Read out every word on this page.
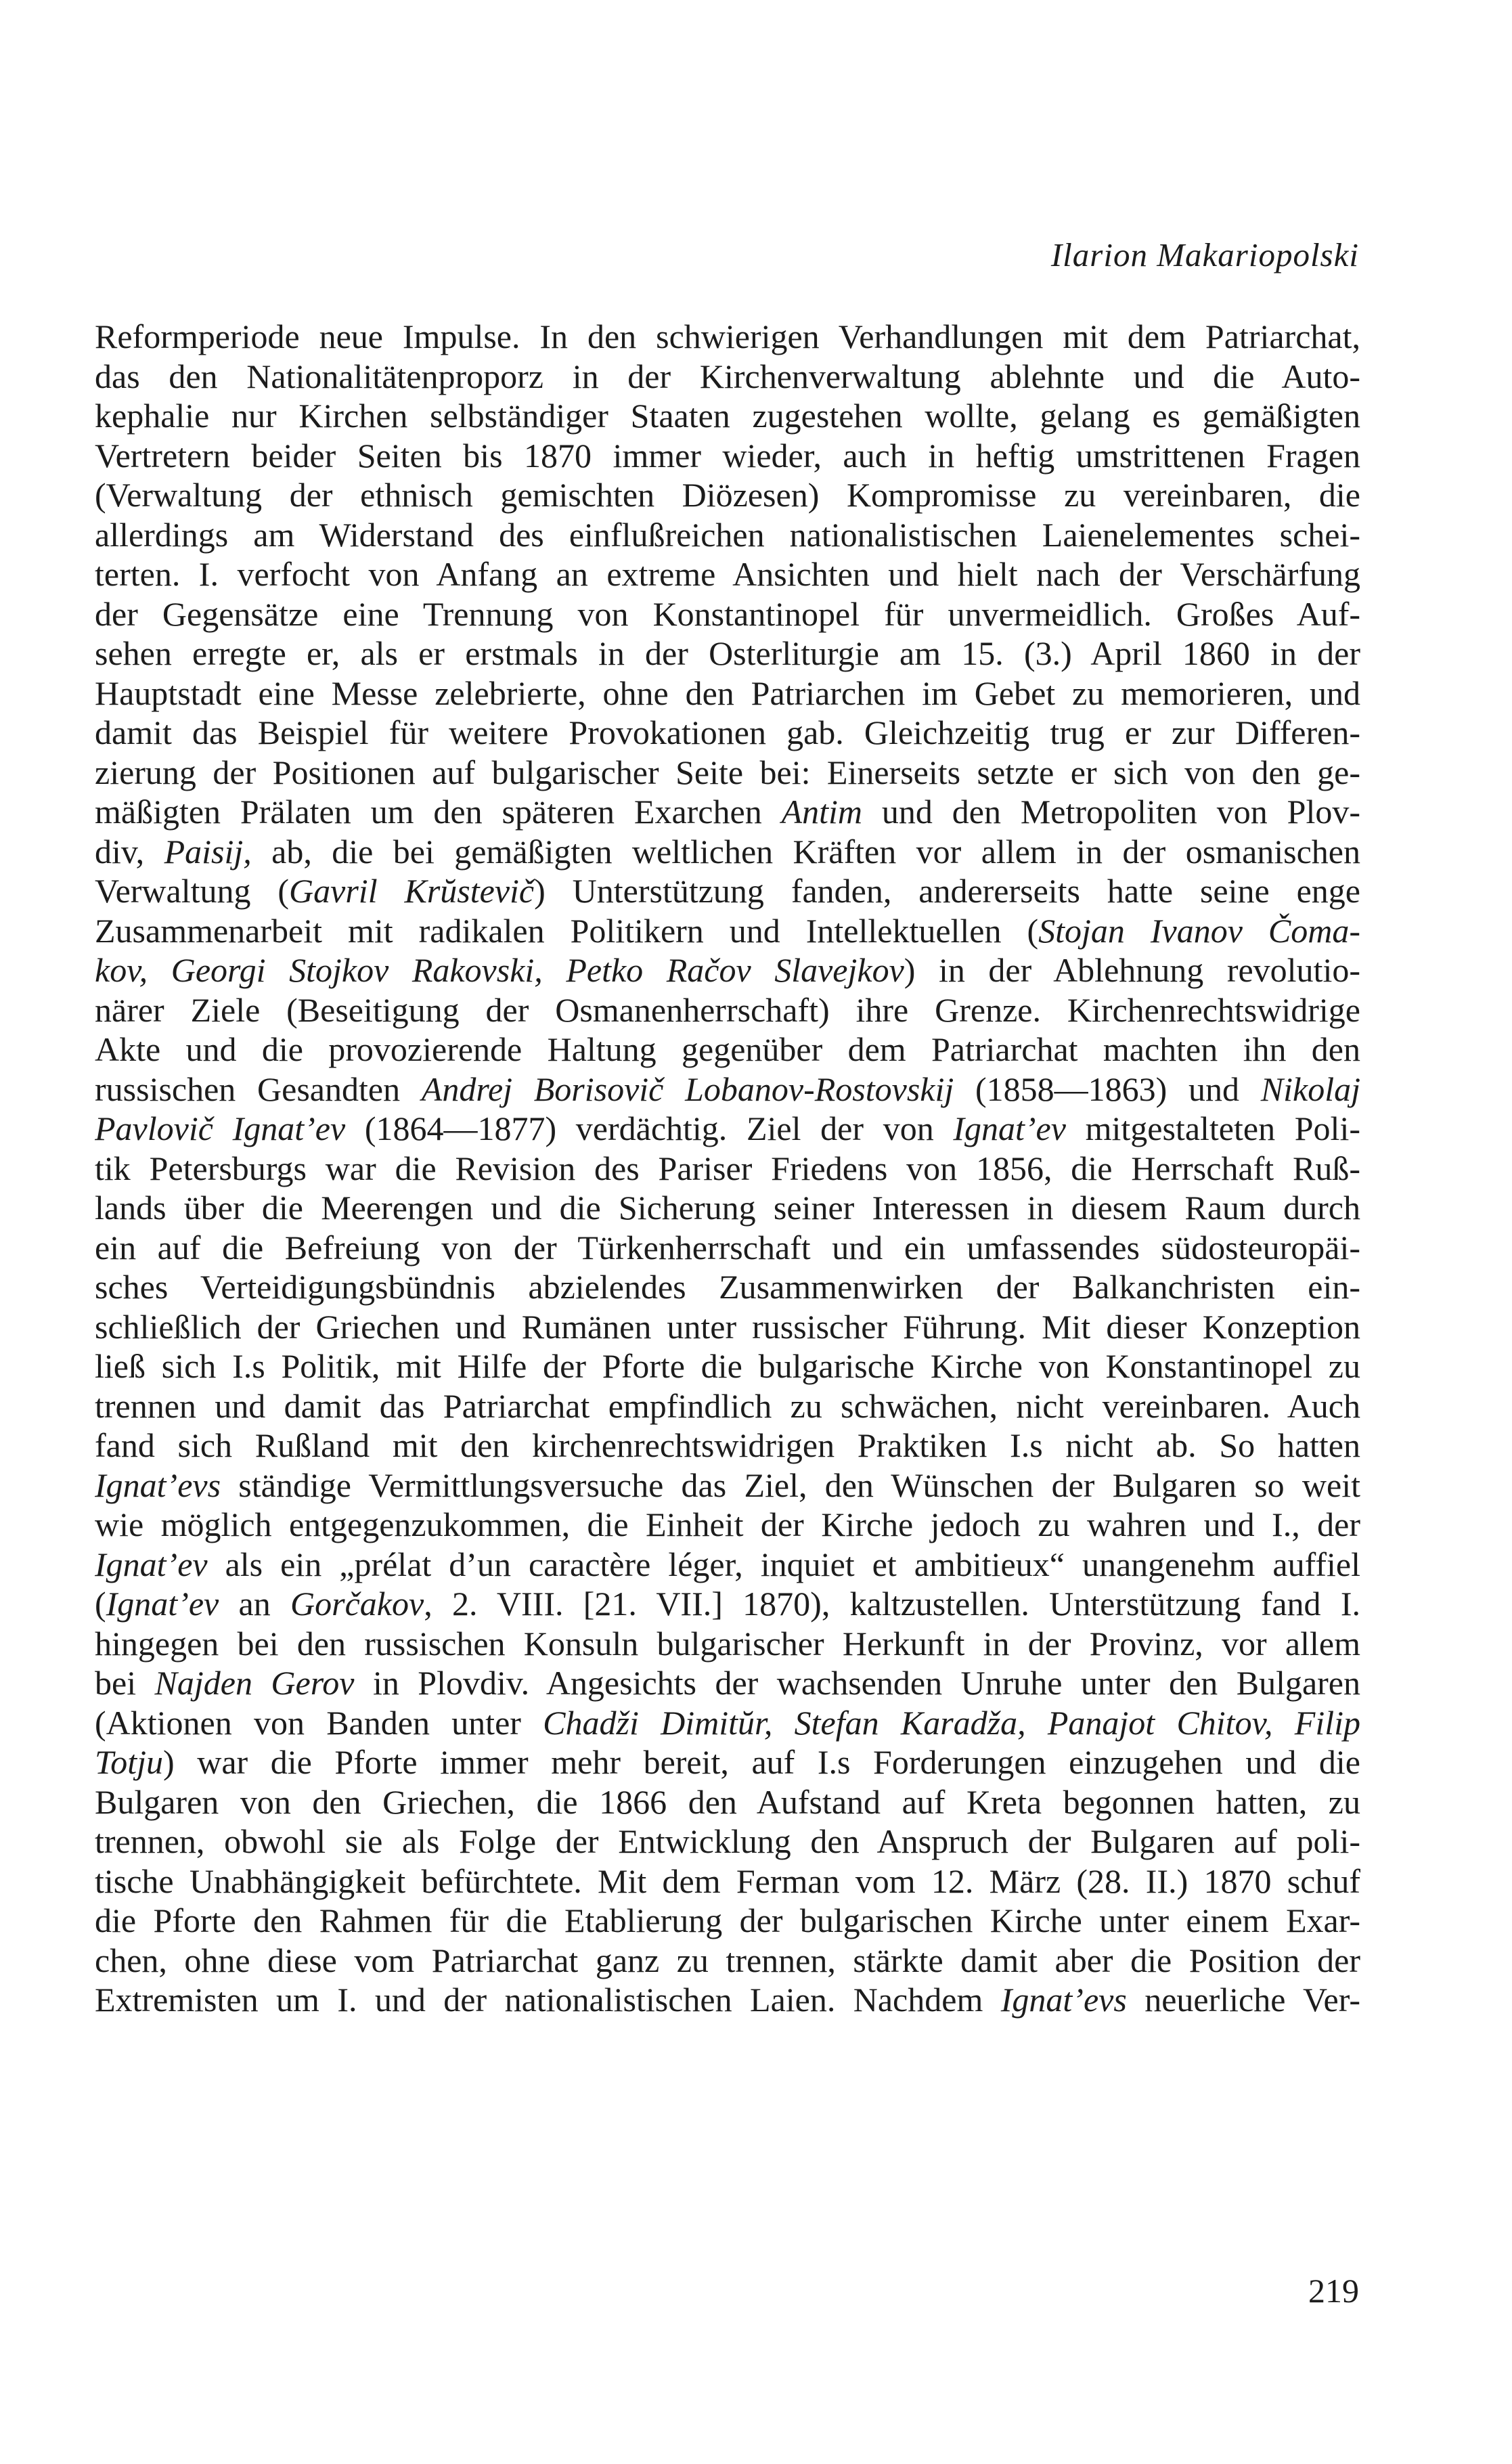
Ilarion Makariopolski

Reformperiode neue Impulse. In den schwierigen Verhandlungen mit dem Patriarchat,
das den Nationalitätenproporz in der Kirchenverwaltung ablehnte und die Auto-
kephalie nur Kirchen selbständiger Staaten zugestehen wollte, gelang es gemäßigten
Vertretern beider Seiten bis 1870 immer wieder, auch in heftig umstrittenen Fragen
(Verwaltung der ethnisch gemischten Diözesen) Kompromisse zu vereinbaren, die
allerdings am Widerstand des einflußreichen nationalistischen Laienelementes schei-
terten. I. verfocht von Anfang an extreme Ansichten und hielt nach der Verschärfung
der Gegensätze eine Trennung von Konstantinopel für unvermeidlich. Großes Auf-
sehen erregte er, als er erstmals in der Osterliturgie am 15. (3.) April 1860 in der
Hauptstadt eine Messe zelebrierte, ohne den Patriarchen im Gebet zu memorieren, und
damit das Beispiel für weitere Provokationen gab. Gleichzeitig trug er zur Differen-
zierung der Positionen auf bulgarischer Seite bei: Einerseits setzte er sich von den ge-
mäßigten Prälaten um den späteren Exarchen Antim und den Metropoliten von Plov-
div, Paisij, ab, die bei gemäßigten weltlichen Kräften vor allem in der osmanischen
Verwaltung (Gavril Krŭstevič) Unterstützung fanden, andererseits hatte seine enge
Zusammenarbeit mit radikalen Politikern und Intellektuellen (Stojan Ivanov Čoma-
kov, Georgi Stojkov Rakovski, Petko Račov Slavejkov) in der Ablehnung revolutio-
närer Ziele (Beseitigung der Osmanenherrschaft) ihre Grenze. Kirchenrechtswidrige
Akte und die provozierende Haltung gegenüber dem Patriarchat machten ihn den
russischen Gesandten Andrej Borisovič Lobanov-Rostovskij (1858—1863) und Nikolaj
Pavlovič Ignat’ev (1864—1877) verdächtig. Ziel der von Ignat’ev mitgestalteten Poli-
tik Petersburgs war die Revision des Pariser Friedens von 1856, die Herrschaft Ruß-
lands über die Meerengen und die Sicherung seiner Interessen in diesem Raum durch
ein auf die Befreiung von der Türkenherrschaft und ein umfassendes südosteuropäi-
sches Verteidigungsbündnis abzielendes Zusammenwirken der Balkanchristen ein-
schließlich der Griechen und Rumänen unter russischer Führung. Mit dieser Konzeption
ließ sich I.s Politik, mit Hilfe der Pforte die bulgarische Kirche von Konstantinopel zu
trennen und damit das Patriarchat empfindlich zu schwächen, nicht vereinbaren. Auch
fand sich Rußland mit den kirchenrechtswidrigen Praktiken I.s nicht ab. So hatten
Ignat’evs ständige Vermittlungsversuche das Ziel, den Wünschen der Bulgaren so weit
wie möglich entgegenzukommen, die Einheit der Kirche jedoch zu wahren und I., der
Ignat’ev als ein „prélat d’un caractère léger, inquiet et ambitieux“ unangenehm auffiel
(Ignat’ev an Gorčakov, 2. VIII. [21. VII.] 1870), kaltzustellen. Unterstützung fand I.
hingegen bei den russischen Konsuln bulgarischer Herkunft in der Provinz, vor allem
bei Najden Gerov in Plovdiv. Angesichts der wachsenden Unruhe unter den Bulgaren
(Aktionen von Banden unter Chadži Dimitŭr, Stefan Karadža, Panajot Chitov, Filip
Totju) war die Pforte immer mehr bereit, auf I.s Forderungen einzugehen und die
Bulgaren von den Griechen, die 1866 den Aufstand auf Kreta begonnen hatten, zu
trennen, obwohl sie als Folge der Entwicklung den Anspruch der Bulgaren auf poli-
tische Unabhängigkeit befürchtete. Mit dem Ferman vom 12. März (28. II.) 1870 schuf
die Pforte den Rahmen für die Etablierung der bulgarischen Kirche unter einem Exar-
chen, ohne diese vom Patriarchat ganz zu trennen, stärkte damit aber die Position der
Extremisten um I. und der nationalistischen Laien. Nachdem Ignat’evs neuerliche Ver-

219
